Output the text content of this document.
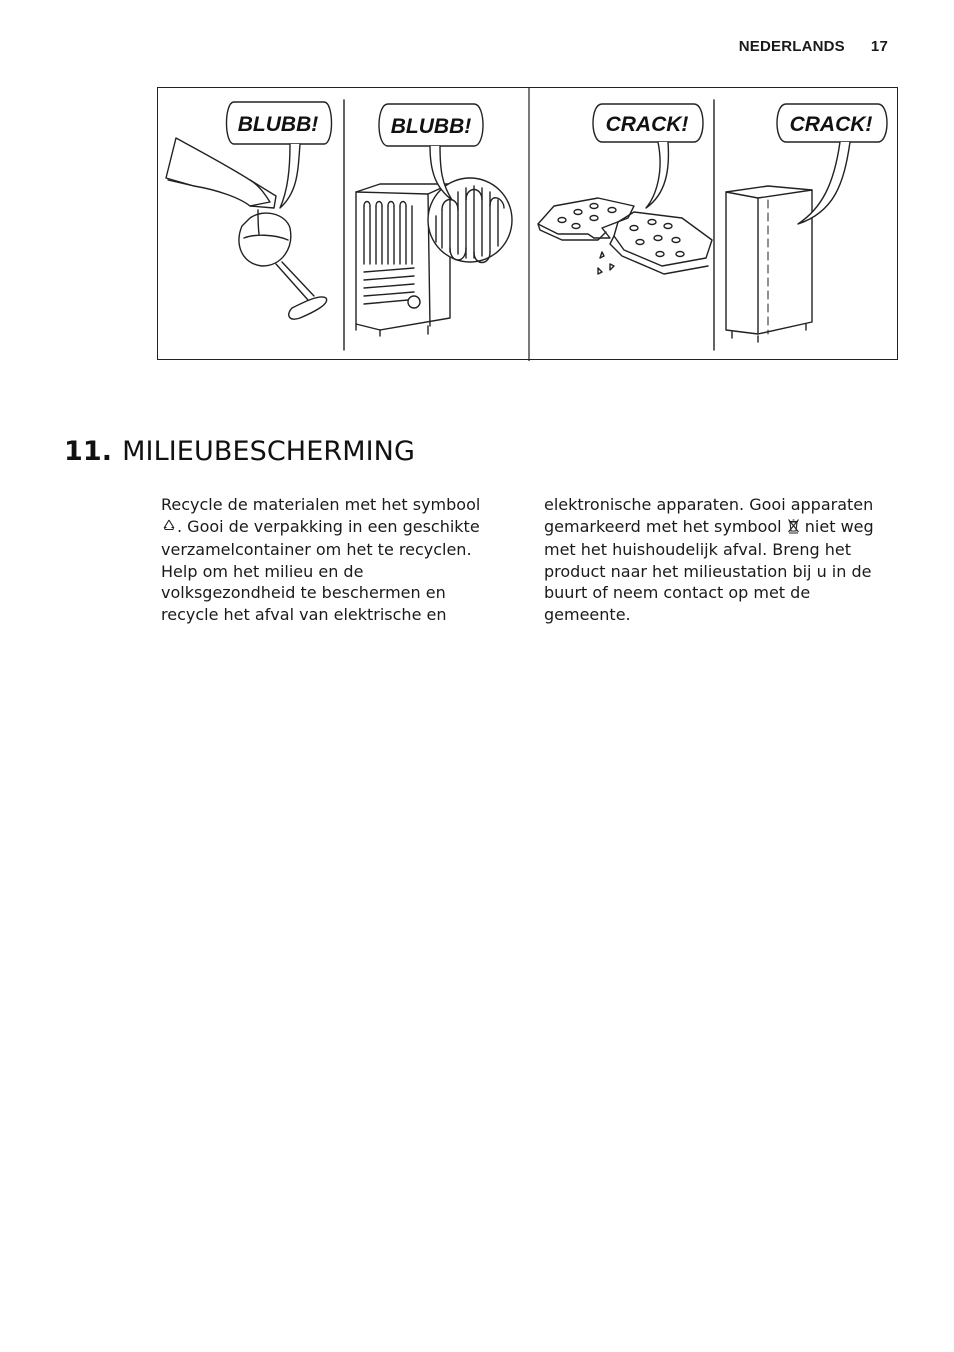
NEDERLANDS 17
BLUBB!	BLUBB!	CRACK!	CRACK!
11. MILIEUBESCHERMING

Recycle de materialen met het symbool . Gooi de verpakking in een geschikte verzamelcontainer om het te recyclen.

Help om het milieu en de volksgezondheid te beschermen en recycle het afval van elektrische en

elektronische apparaten. Gooi apparaten gemarkeerd met het symbool niet weg met het huishoudelijk afval. Breng het product naar het milieustation bij u in de buurt of neem contact op met de gemeente.
